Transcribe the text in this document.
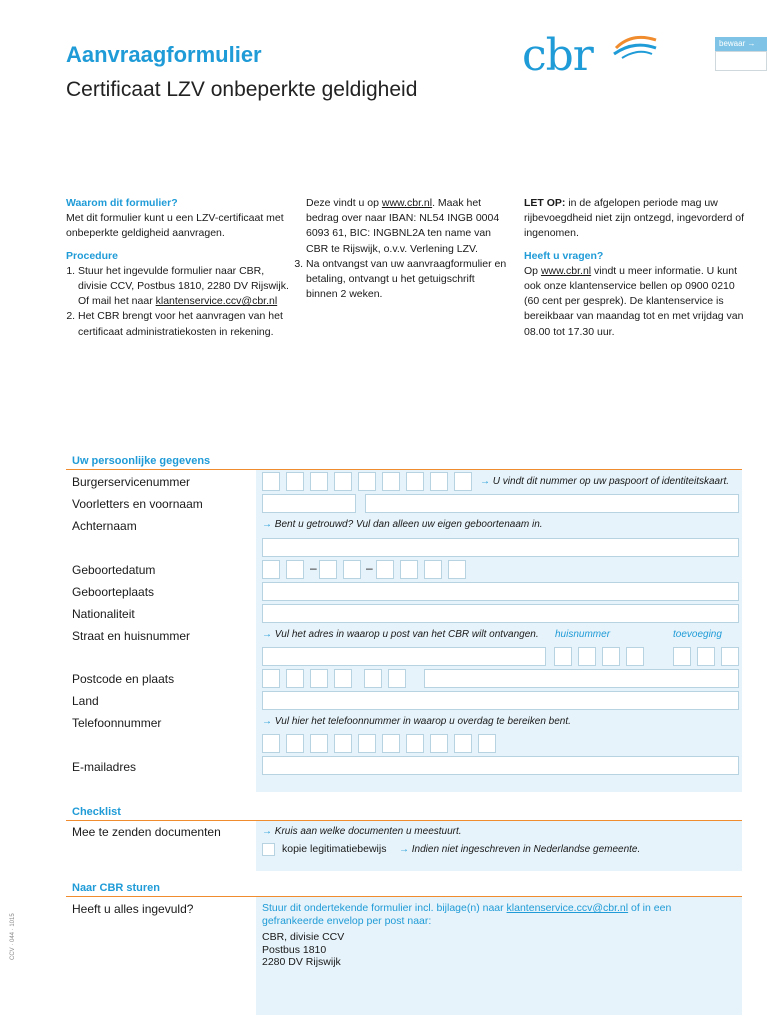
Aanvraagformulier
Certificaat LZV onbeperkte geldigheid
cbr	bewaar →
Waarom dit formulier?

Met dit formulier kunt u een LZV-certificaat met onbeperkte geldigheid aanvragen.

Procedure
1. Stuur het ingevulde formulier naar CBR, divisie CCV, Postbus 1810, 2280 DV Rijswijk. Of mail het naar klantenservice.ccv@cbr.nl
2. Het CBR brengt voor het aanvragen van het certificaat administratiekosten in rekening.

Deze vindt u op www.cbr.nl. Maak het bedrag over naar IBAN: NL54 INGB 0004 6093 61, BIC: INGBNL2A ten name van CBR te Rijswijk, o.v.v. Verlening LZV.

3. Na ontvangst van uw aanvraagformulier en betaling, ontvangt u het getuigschrift binnen 2 weken.

LET OP: in de afgelopen periode mag uw rijbevoegdheid niet zijn ontzegd, ingevorderd of ingenomen.

Heeft u vragen?

Op www.cbr.nl vindt u meer informatie. U kunt ook onze klantenservice bellen op 0900 0210 (60 cent per gesprek). De klantenservice is bereikbaar van maandag tot en met vrijdag van 08.00 tot 17.30 uur.

Uw persoonlijke gegevens
Burgerservicenummer	→ U vindt dit nummer op uw paspoort of identiteitskaart.
Voorletters en voornaam
Achternaam	→ Bent u getrouwd? Vul dan alleen uw eigen geboortenaam in.
Geboortedatum	–	–
Geboorteplaats
Nationaliteit
Straat en huisnummer	→ Vul het adres in waarop u post van het CBR wilt ontvangen. huisnummer	toevoeging
Postcode en plaats
Land
Telefoonnummer	→ Vul hier het telefoonnummer in waarop u overdag te bereiken bent.
E-mailadres
Checklist
Mee te zenden documenten	→ Kruis aan welke documenten u meestuurt.
kopie legitimatiebewijs → Indien niet ingeschreven in Nederlandse gemeente.
Naar CBR sturen
Heeft u alles ingevuld?	Stuur dit ondertekende formulier incl. bijlage(n) naar klantenservice.ccv@cbr.nl of in een gefrankeerde envelop per post naar:
CBR, divisie CCV
Postbus 1810
2280 DV Rijswijk
CCV · 044 · 1015
